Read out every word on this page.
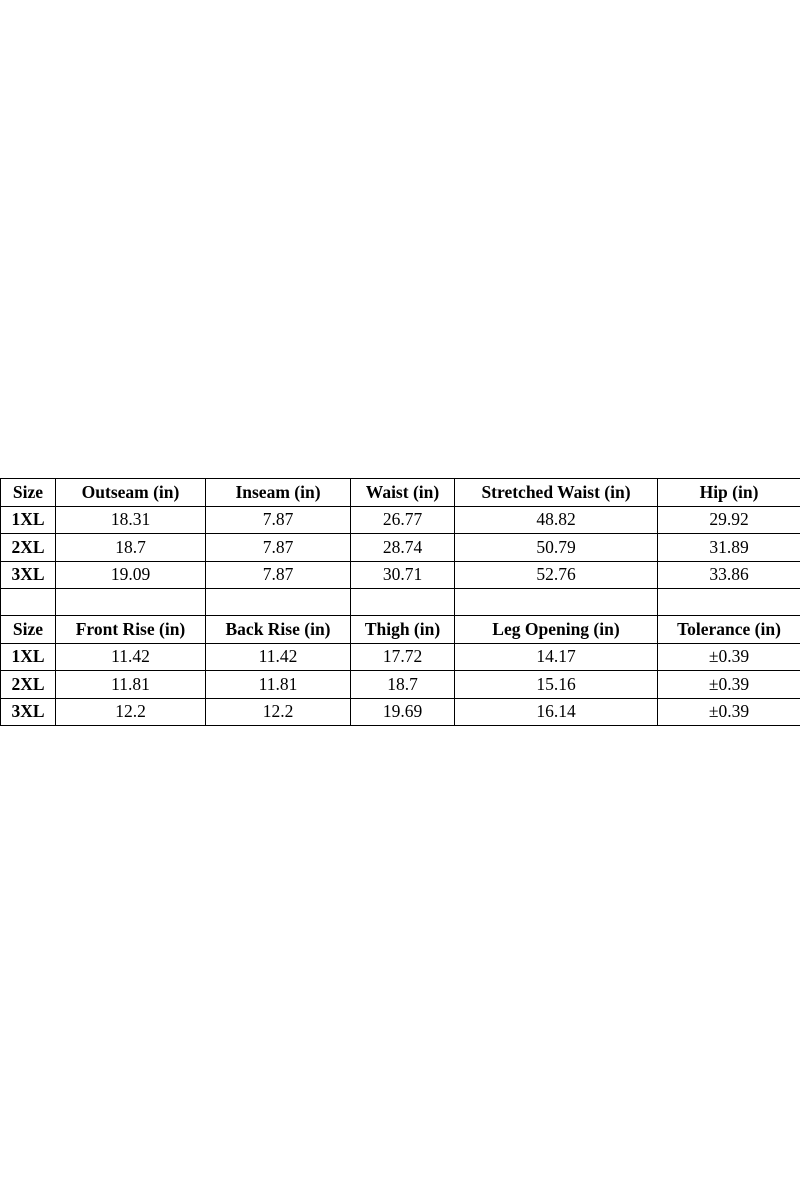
Size	Outseam (in)	Inseam (in)	Waist (in)	Stretched Waist (in)	Hip (in)
1XL	18.31	7.87	26.77	48.82	29.92
2XL	18.7	7.87	28.74	50.79	31.89
3XL	19.09	7.87	30.71	52.76	33.86

Size	Front Rise (in)	Back Rise (in)	Thigh (in)	Leg Opening (in)	Tolerance (in)
1XL	11.42	11.42	17.72	14.17	±0.39
2XL	11.81	11.81	18.7	15.16	±0.39
3XL	12.2	12.2	19.69	16.14	±0.39
